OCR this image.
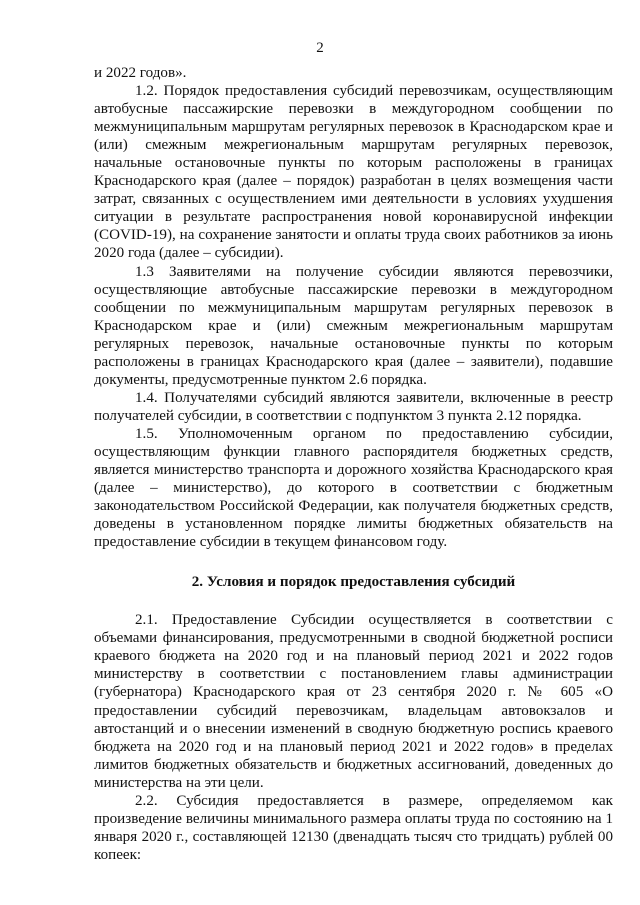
2

и 2022 годов».

1.2. Порядок предоставления субсидий перевозчикам, осуществляющим автобусные пассажирские перевозки в междугородном сообщении по межмуниципальным маршрутам регулярных перевозок в Краснодарском крае и (или) смежным межрегиональным маршрутам регулярных перевозок, начальные остановочные пункты по которым расположены в границах Краснодарского края (далее – порядок) разработан в целях возмещения части затрат, связанных с осуществлением ими деятельности в условиях ухудшения ситуации в результате распространения новой коронавирусной инфекции (COVID-19), на сохранение занятости и оплаты труда своих работников за июнь 2020 года (далее – субсидии).

1.3 Заявителями на получение субсидии являются перевозчики, осуществляющие автобусные пассажирские перевозки в междугородном сообщении по межмуниципальным маршрутам регулярных перевозок в Краснодарском крае и (или) смежным межрегиональным маршрутам регулярных перевозок, начальные остановочные пункты по которым расположены в границах Краснодарского края (далее – заявители), подавшие документы, предусмотренные пунктом 2.6 порядка.

1.4. Получателями субсидий являются заявители, включенные в реестр получателей субсидии, в соответствии с подпунктом 3 пункта 2.12 порядка.

1.5. Уполномоченным органом по предоставлению субсидии, осуществляющим функции главного распорядителя бюджетных средств, является министерство транспорта и дорожного хозяйства Краснодарского края (далее – министерство), до которого в соответствии с бюджетным законодательством Российской Федерации, как получателя бюджетных средств, доведены в установленном порядке лимиты бюджетных обязательств на предоставление субсидии в текущем финансовом году.

2. Условия и порядок предоставления субсидий

2.1. Предоставление Субсидии осуществляется в соответствии с объемами финансирования, предусмотренными в сводной бюджетной росписи краевого бюджета на 2020 год и на плановый период 2021 и 2022 годов министерству в соответствии с постановлением главы администрации (губернатора) Краснодарского края от 23 сентября 2020 г. № 605 «О предоставлении субсидий перевозчикам, владельцам автовокзалов и автостанций и о внесении изменений в сводную бюджетную роспись краевого бюджета на 2020 год и на плановый период 2021 и 2022 годов» в пределах лимитов бюджетных обязательств и бюджетных ассигнований, доведенных до министерства на эти цели.

2.2. Субсидия предоставляется в размере, определяемом как произведение величины минимального размера оплаты труда по состоянию на 1 января 2020 г., составляющей 12130 (двенадцать тысяч сто тридцать) рублей 00 копеек:
